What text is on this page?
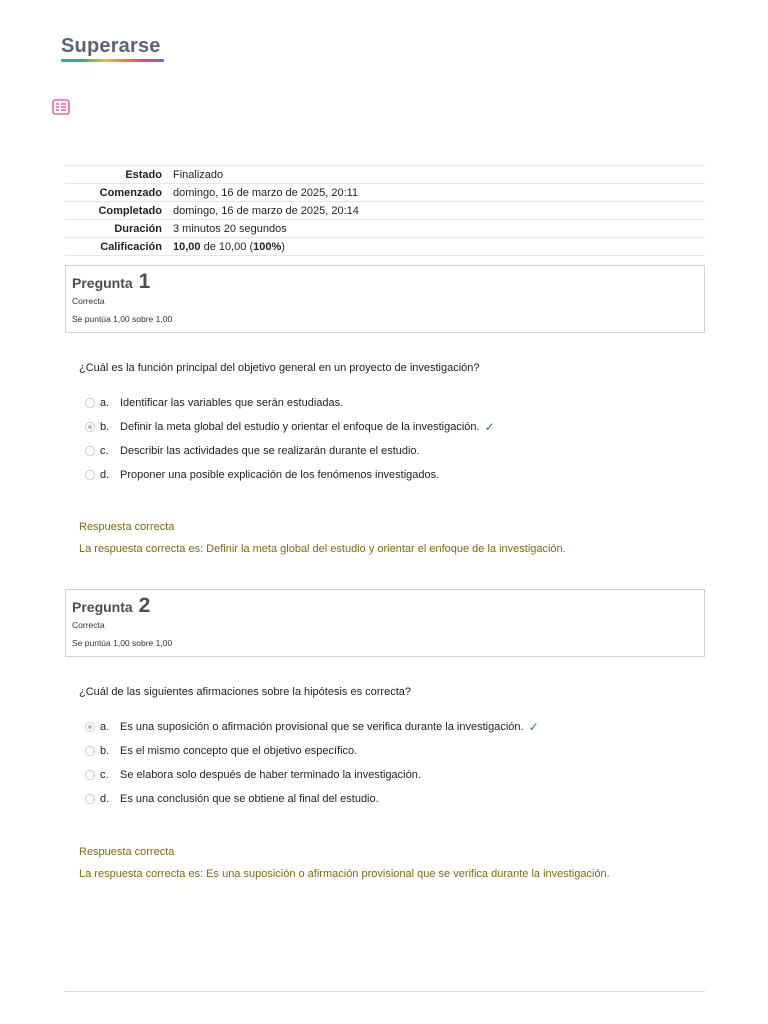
Superarse
Estado	Finalizado
Comenzado	domingo, 16 de marzo de 2025, 20:11
Completado	domingo, 16 de marzo de 2025, 20:14
Duración	3 minutos 20 segundos
Calificación	10,00 de 10,00 (100%)
Pregunta 1
Correcta
Se puntúa 1,00 sobre 1,00
¿Cuál es la función principal del objetivo general en un proyecto de investigación?
a. Identificar las variables que serán estudiadas.
b. Definir la meta global del estudio y orientar el enfoque de la investigación. ✓
c.	Describir las actividades que se realizarán durante el estudio.
d. Proponer una posible explicación de los fenómenos investigados.
Respuesta correcta
La respuesta correcta es: Definir la meta global del estudio y orientar el enfoque de la investigación.
Pregunta 2
Correcta
Se puntúa 1,00 sobre 1,00
¿Cuál de las siguientes afirmaciones sobre la hipótesis es correcta?
a. Es una suposición o afirmación provisional que se verifica durante la investigación. ✓
b. Es el mismo concepto que el objetivo específico.
c.	Se elabora solo después de haber terminado la investigación.
d. Es una conclusión que se obtiene al final del estudio.
Respuesta correcta
La respuesta correcta es: Es una suposición o afirmación provisional que se verifica durante la investigación.
